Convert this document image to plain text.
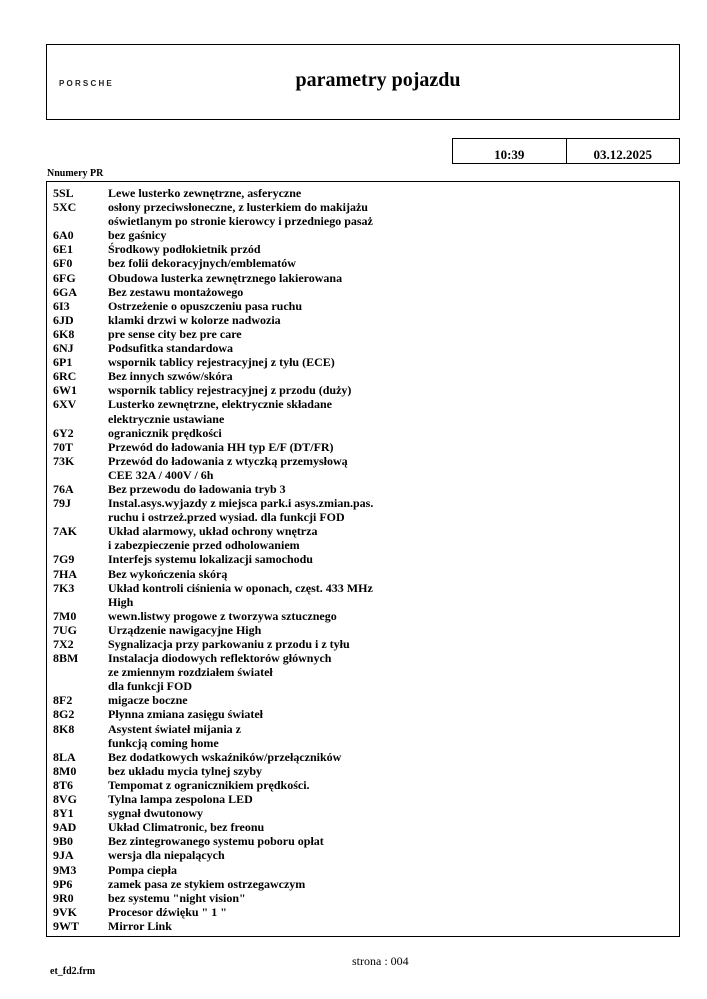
PORSCHE	parametry pojazdu
10:39	03.12.2025
Nnumery PR
5SL	Lewe lusterko zewnętrzne, asferyczne
5XC	osłony przeciwsłoneczne, z lusterkiem do makijażu
oświetlanym po stronie kierowcy i przedniego pasaż
6A0	bez gaśnicy
6E1	Środkowy podłokietnik przód
6F0	bez folii dekoracyjnych/emblematów
6FG	Obudowa lusterka zewnętrznego lakierowana
6GA	Bez zestawu montażowego
6I3	Ostrzeżenie o opuszczeniu pasa ruchu
6JD	klamki drzwi w kolorze nadwozia
6K8	pre sense city bez pre care
6NJ	Podsufitka standardowa
6P1	wspornik tablicy rejestracyjnej z tyłu (ECE)
6RC	Bez innych szwów/skóra
6W1	wspornik tablicy rejestracyjnej z przodu (duży)
6XV	Lusterko zewnętrzne, elektrycznie składane
elektrycznie ustawiane
6Y2	ogranicznik prędkości
70T	Przewód do ładowania HH typ E/F (DT/FR)
73K	Przewód do ładowania z wtyczką przemysłową
CEE 32A / 400V / 6h
76A	Bez przewodu do ładowania tryb 3
79J	Instal.asys.wyjazdy z miejsca park.i asys.zmian.pas.
ruchu i ostrzeż.przed wysiad. dla funkcji FOD
7AK	Układ alarmowy, układ ochrony wnętrza
i zabezpieczenie przed odholowaniem
7G9	Interfejs systemu lokalizacji samochodu
7HA	Bez wykończenia skórą
7K3	Układ kontroli ciśnienia w oponach, częst. 433 MHz
High
7M0	wewn.listwy progowe z tworzywa sztucznego
7UG	Urządzenie nawigacyjne High
7X2	Sygnalizacja przy parkowaniu z przodu i z tyłu
8BM	Instalacja diodowych reflektorów głównych
ze zmiennym rozdziałem świateł
dla funkcji FOD
8F2	migacze boczne
8G2	Płynna zmiana zasięgu świateł
8K8	Asystent świateł mijania z
funkcją coming home
8LA	Bez dodatkowych wskaźników/przełączników
8M0	bez układu mycia tylnej szyby
8T6	Tempomat z ogranicznikiem prędkości.
8VG	Tylna lampa zespolona LED
8Y1	sygnał dwutonowy
9AD	Układ Climatronic, bez freonu
9B0	Bez zintegrowanego systemu poboru opłat
9JA	wersja dla niepalących
9M3	Pompa ciepła
9P6	zamek pasa ze stykiem ostrzegawczym
9R0	bez systemu "night vision"
9VK	Procesor dźwięku " 1 "
9WT	Mirror Link
strona : 004
et_fd2.frm
